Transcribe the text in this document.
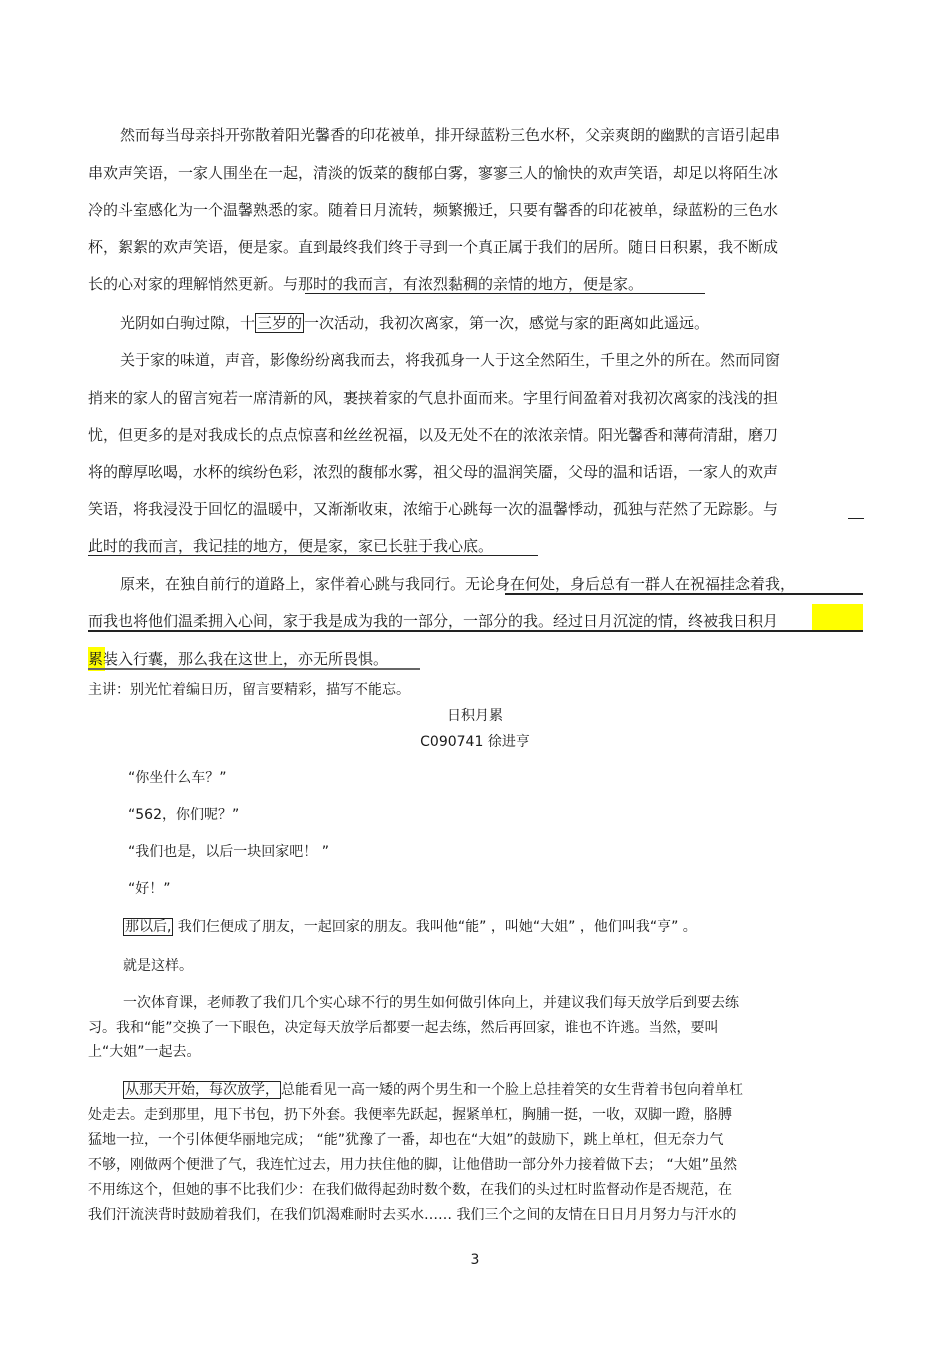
然而每当母亲抖开弥散着阳光馨香的印花被单，排开绿蓝粉三色水杯，父亲爽朗的幽默的言语引起串
串欢声笑语，一家人围坐在一起，清淡的饭菜的馥郁白雾，寥寥三人的愉快的欢声笑语，却足以将陌生冰
冷的斗室感化为一个温馨熟悉的家。随着日月流转，频繁搬迁，只要有馨香的印花被单，绿蓝粉的三色水
杯，絮絮的欢声笑语，便是家。直到最终我们终于寻到一个真正属于我们的居所。随日日积累，我不断成
长的心对家的理解悄然更新。与那时的我而言，有浓烈黏稠的亲情的地方，便是家。
光阴如白驹过隙，十 三岁的 一次活动，我初次离家，第一次，感觉与家的距离如此遥远。
关于家的味道，声音，影像纷纷离我而去，将我孤身一人于这全然陌生，千里之外的所在。然而同窗
捎来的家人的留言宛若一席清新的风，裹挟着家的气息扑面而来。字里行间盈着对我初次离家的浅浅的担
忧，但更多的是对我成长的点点惊喜和丝丝祝福，以及无处不在的浓浓亲情。阳光馨香和薄荷清甜，磨刀
将的醇厚吆喝，水杯的缤纷色彩，浓烈的馥郁水雾，祖父母的温润笑靥，父母的温和话语，一家人的欢声
笑语，将我浸没于回忆的温暖中，又渐渐收束，浓缩于心跳每一次的温馨悸动，孤独与茫然了无踪影。与
此时的我而言，我记挂的地方，便是家，家已长驻于我心底。
原来，在独自前行的道路上，家伴着心跳与我同行。无论身在何处，身后总有一群人在祝福挂念着我，
而我也将他们温柔拥入心间，家于我是成为我的一部分，一部分的我。经过日月沉淀的情，终被我日积月
累装入行囊，那么我在这世上，亦无所畏惧。
主讲：别光忙着编日历，留言要精彩，描写不能忘。
日积月累
C090741 徐进亨
“你坐什么车？”
“562，你们呢？”
“我们也是，以后一块回家吧！ ”
“好！”
那以后, 我们仨便成了朋友，一起回家的朋友。我叫他“能” ，叫她“大姐” ，他们叫我“亨” 。
就是这样。
一次体育课，老师教了我们几个实心球不行的男生如何做引体向上，并建议我们每天放学后到要去练
习。我和“能”交换了一下眼色，决定每天放学后都要一起去练，然后再回家，谁也不许逃。当然，要叫
上“大姐”一起去。
从那天开始，每次放学， 总能看见一高一矮的两个男生和一个脸上总挂着笑的女生背着书包向着单杠
处走去。走到那里，甩下书包，扔下外套。我便率先跃起，握紧单杠，胸脯一挺，一收，双脚一蹬，胳膊
猛地一拉，一个引体便华丽地完成； “能”犹豫了一番，却也在“大姐”的鼓励下，跳上单杠，但无奈力气
不够，刚做两个便泄了气，我连忙过去，用力扶住他的脚，让他借助一部分外力接着做下去； “大姐”虽然
不用练这个，但她的事不比我们少：在我们做得起劲时数个数，在我们的头过杠时监督动作是否规范，在
我们汗流浃背时鼓励着我们，在我们饥渴难耐时去买水…… 我们三个之间的友情在日日月月努力与汗水的
3
